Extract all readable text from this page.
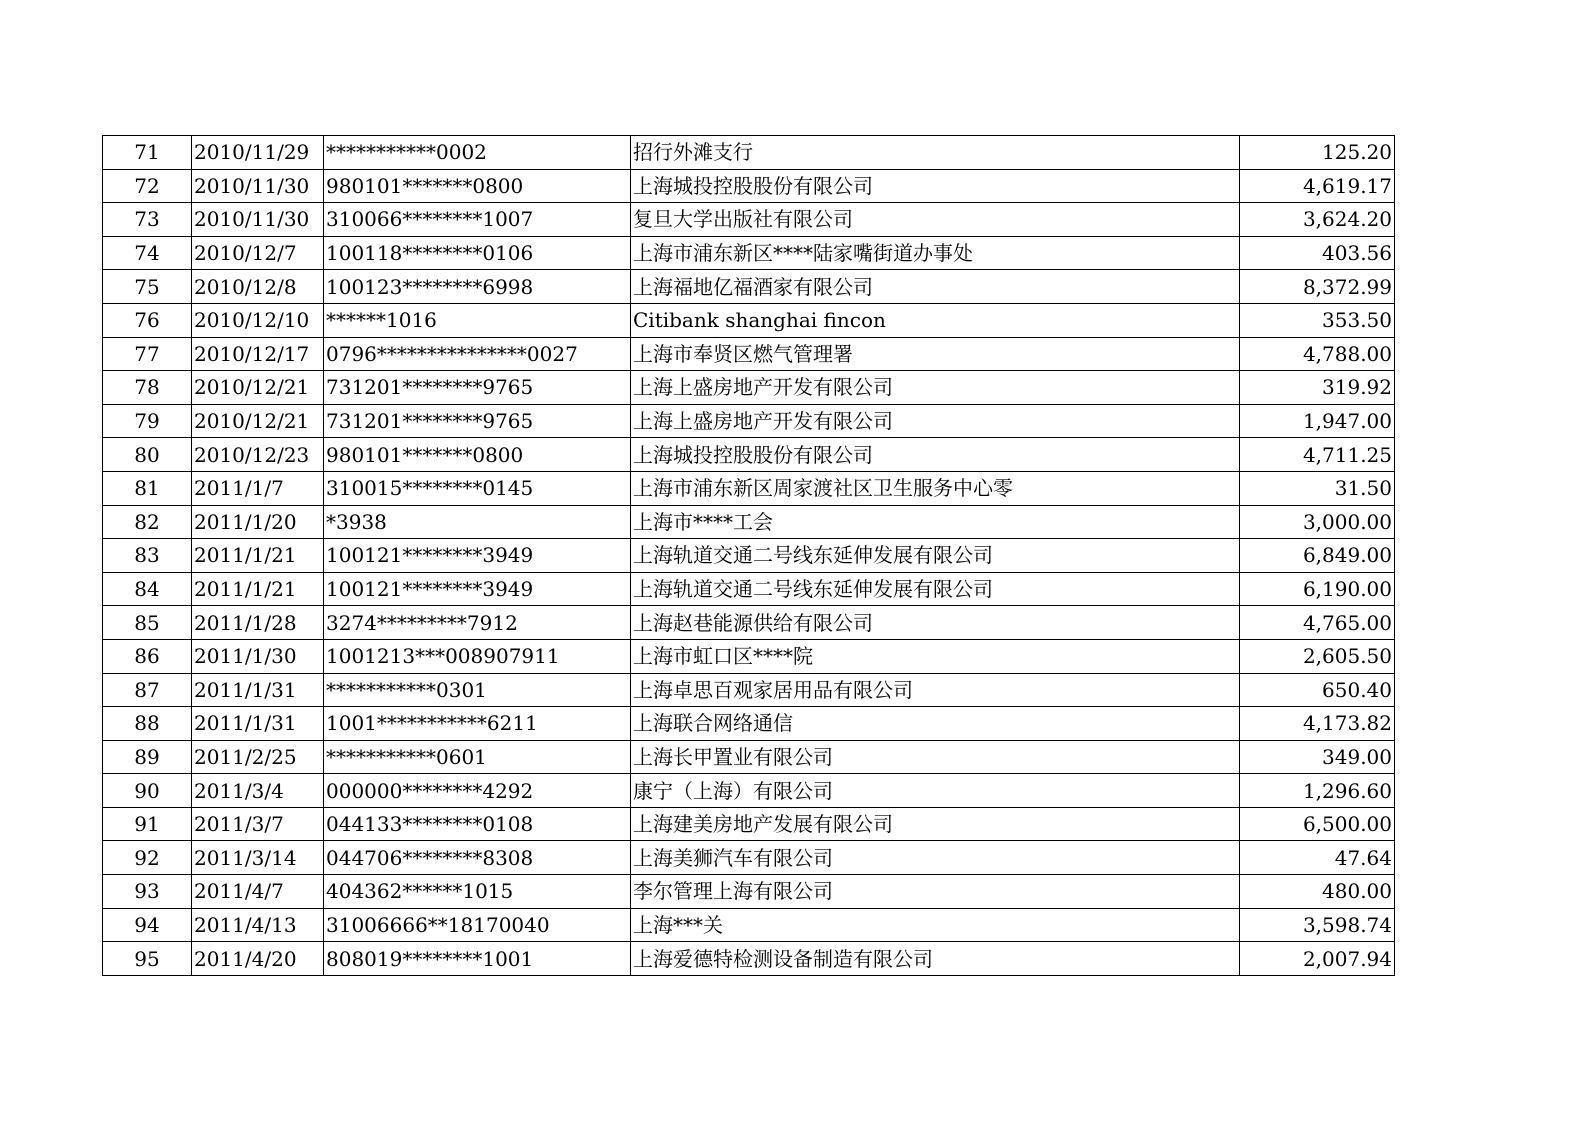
71	2010/11/29	***********0002	招行外滩支行	125.20
72	2010/11/30	980101*******0800	上海城投控股股份有限公司	4,619.17
73	2010/11/30	310066********1007	复旦大学出版社有限公司	3,624.20
74	2010/12/7	100118********0106	上海市浦东新区****陆家嘴街道办事处	403.56
75	2010/12/8	100123********6998	上海福地亿福酒家有限公司	8,372.99
76	2010/12/10	******1016	Citibank shanghai fincon	353.50
77	2010/12/17	0796***************0027	上海市奉贤区燃气管理署	4,788.00
78	2010/12/21	731201********9765	上海上盛房地产开发有限公司	319.92
79	2010/12/21	731201********9765	上海上盛房地产开发有限公司	1,947.00
80	2010/12/23	980101*******0800	上海城投控股股份有限公司	4,711.25
81	2011/1/7	310015********0145	上海市浦东新区周家渡社区卫生服务中心零	31.50
82	2011/1/20	*3938	上海市****工会	3,000.00
83	2011/1/21	100121********3949	上海轨道交通二号线东延伸发展有限公司	6,849.00
84	2011/1/21	100121********3949	上海轨道交通二号线东延伸发展有限公司	6,190.00
85	2011/1/28	3274*********7912	上海赵巷能源供给有限公司	4,765.00
86	2011/1/30	1001213***008907911	上海市虹口区****院	2,605.50
87	2011/1/31	***********0301	上海卓思百观家居用品有限公司	650.40
88	2011/1/31	1001***********6211	上海联合网络通信	4,173.82
89	2011/2/25	***********0601	上海长甲置业有限公司	349.00
90	2011/3/4	000000********4292	康宁（上海）有限公司	1,296.60
91	2011/3/7	044133********0108	上海建美房地产发展有限公司	6,500.00
92	2011/3/14	044706********8308	上海美狮汽车有限公司	47.64
93	2011/4/7	404362******1015	李尔管理上海有限公司	480.00
94	2011/4/13	31006666**18170040	上海***关	3,598.74
95	2011/4/20	808019********1001	上海爱德特检测设备制造有限公司	2,007.94
